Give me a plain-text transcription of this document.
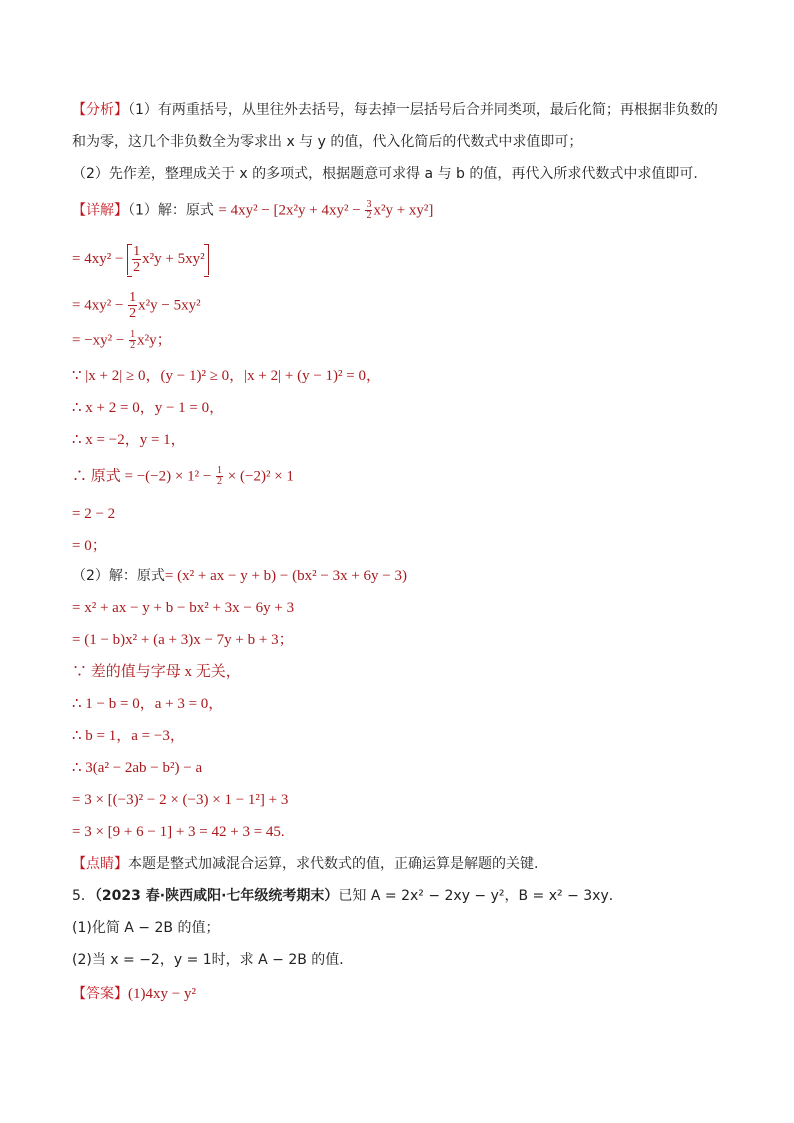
【分析】（1）有两重括号，从里往外去括号，每去掉一层括号后合并同类项，最后化简；再根据非负数的
和为零，这几个非负数全为零求出 x 与 y 的值，代入化简后的代数式中求值即可；
（2）先作差，整理成关于 x 的多项式，根据题意可求得 a 与 b 的值，再代入所求代数式中求值即可.
【详解】（1）解：原式 = $4xy^2 - [2x^2y + 4xy^2 - \frac{3}{2} x^2y + xy^2]$
= $4xy^2 - \frac{1}{2} x^2y + 5xy^2$
= $4xy^2 - \frac{1}{2} x^2y - 5xy^2$
= $-xy^2 - \frac{1}{2} x^2y$；
∵ |x + 2| ≥ 0，(y − 1)² ≥ 0，|x + 2| + (y − 1)² = 0，
∴ x + 2 = 0，y − 1 = 0，
∴ x = −2，y = 1，
∴ 原式 = $-(-2) \times 1^2 - \frac{1}{2} \times (-2)^2 \times 1$
= 2 − 2
= 0；
（2）解：原式= (x² + ax − y + b) − (bx² − 3x + 6y − 3)
= x² + ax − y + b − bx² + 3x − 6y + 3
= (1 − b)x² + (a + 3)x − 7y + b + 3；
∵ 差的值与字母 x 无关，
∴ 1 − b = 0，a + 3 = 0，
∴ b = 1，a = −3，
∴ 3(a² − 2ab − b²) − a
= 3 × [(−3)² − 2 × (−3) × 1 − 1²] + 3
= 3 × [9 + 6 − 1] + 3 = 42 + 3 = 45.
【点睛】本题是整式加减混合运算，求代数式的值，正确运算是解题的关键.
5．（2023 春·陕西咸阳·七年级统考期末）已知 A = 2x² − 2xy − y²，B = x² − 3xy．
(1)化简 A − 2B 的值；
(2)当 x = −2，y = 1时，求 A − 2B 的值．
【答案】(1)4xy − y²
